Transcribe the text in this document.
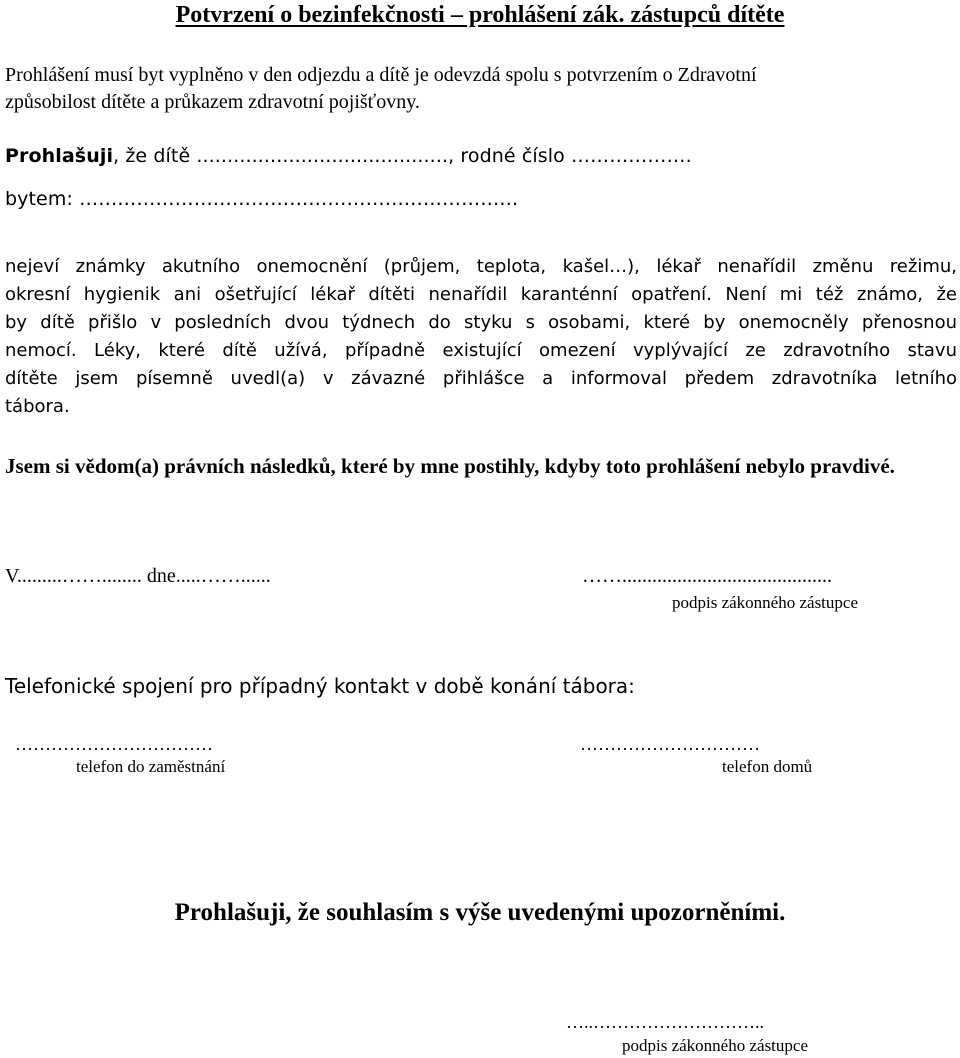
Potvrzení o bezinfekčnosti – prohlášení zák. zástupců dítěte
Prohlášení musí byt vyplněno v den odjezdu a dítě je odevzdá spolu s potvrzením o Zdravotní
způsobilost dítěte a průkazem zdravotní pojišťovny.
Prohlašuji, že dítě ........................................., rodné číslo ……………….
bytem: ……………………………………………………………
nejeví známky akutního onemocnění (průjem, teplota, kašel…), lékař nenařídil změnu režimu,
okresní hygienik ani ošetřující lékař dítěti nenařídil karanténní opatření. Není mi též známo, že
by dítě přišlo v posledních dvou týdnech do styku s osobami, které by onemocněly přenosnou
nemocí. Léky, které dítě užívá, případně existující omezení vyplývající ze zdravotního stavu
dítěte jsem písemně uvedl(a) v závazné přihlášce a informoval předem zdravotníka letního
tábora.
Jsem si vědom(a) právních následků, které by mne postihly, kdyby toto prohlášení nebylo pravdivé.
V.........……........ dne.....……......	……..........................................
podpis zákonného zástupce
Telefonické spojení pro případný kontakt v době konání tábora:
……………………………
telefon do zaměstnání
…………………………
telefon domů
Prohlašuji, že souhlasím s výše uvedenými upozorněními.
…..………………………..
podpis zákonného zástupce
